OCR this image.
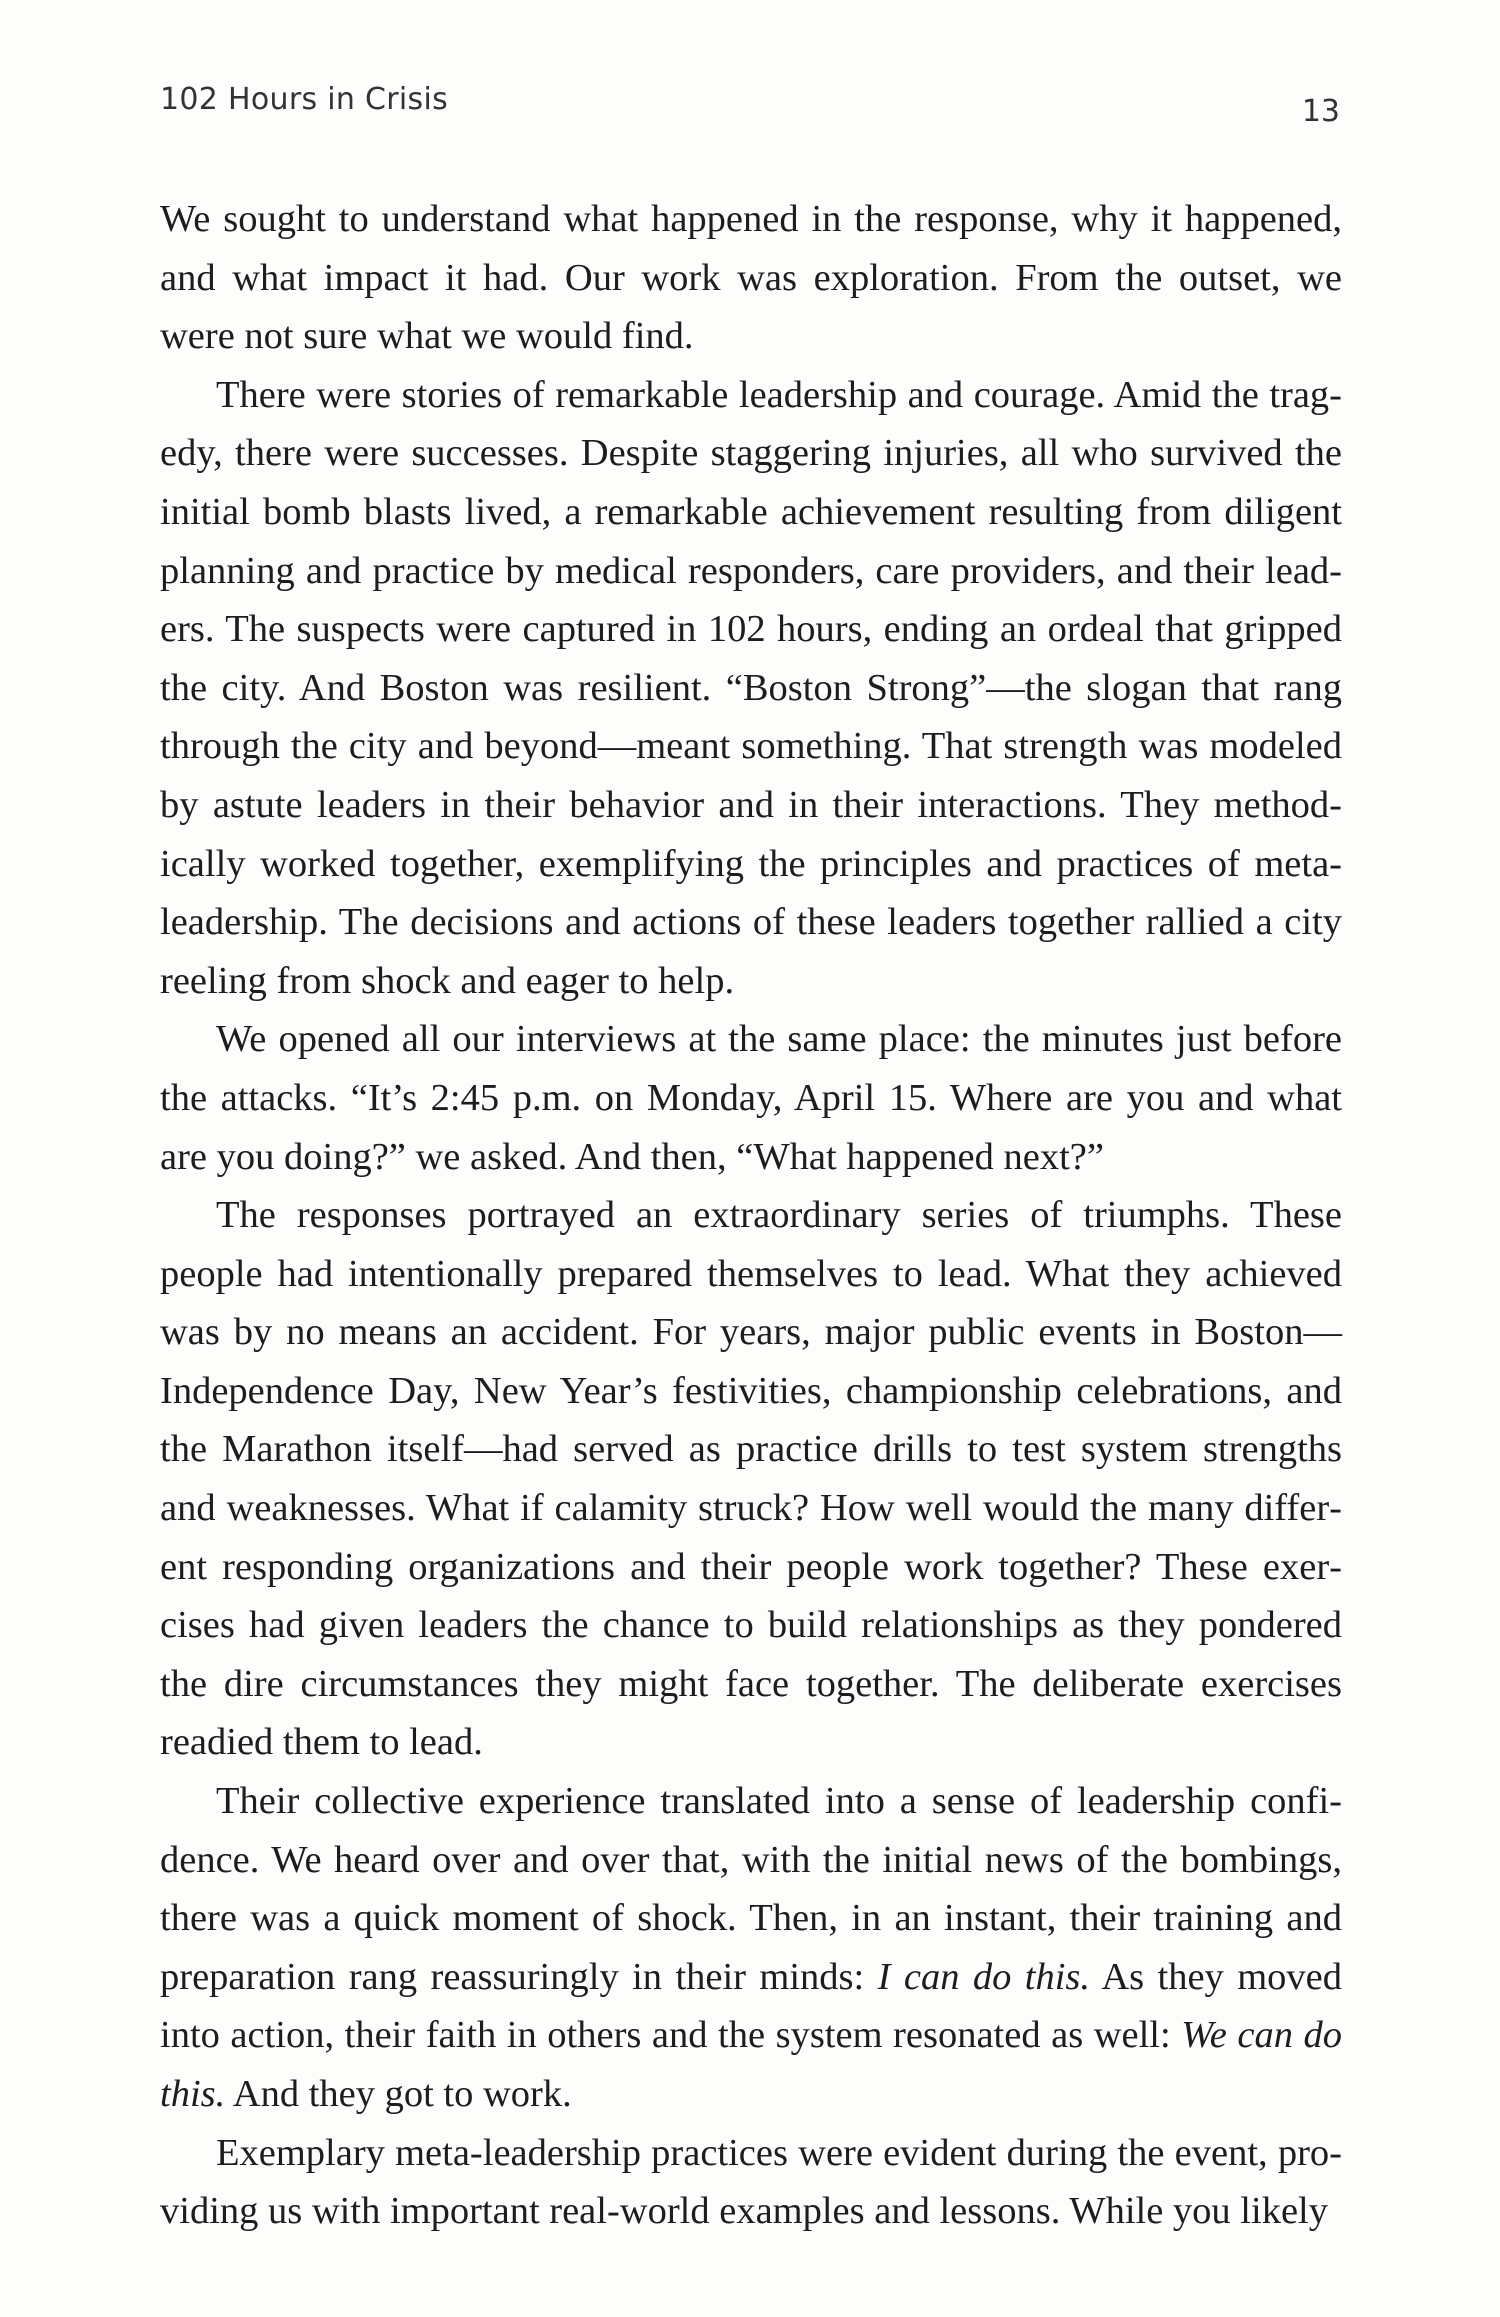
102 Hours in Crisis	13

We sought to understand what happened in the response, why it happened, and what impact it had. Our work was exploration. From the outset, we were not sure what we would find.

There were stories of remarkable leadership and courage. Amid the tragedy, there were successes. Despite staggering injuries, all who survived the initial bomb blasts lived, a remarkable achievement resulting from diligent planning and practice by medical responders, care providers, and their leaders. The suspects were captured in 102 hours, ending an ordeal that gripped the city. And Boston was resilient. “Boston Strong”—the slogan that rang through the city and beyond—meant something. That strength was modeled by astute leaders in their behavior and in their interactions. They methodically worked together, exemplifying the principles and practices of meta-leadership. The decisions and actions of these leaders together rallied a city reeling from shock and eager to help.

We opened all our interviews at the same place: the minutes just before the attacks. “It’s 2:45 p.m. on Monday, April 15. Where are you and what are you doing?” we asked. And then, “What happened next?”

The responses portrayed an extraordinary series of triumphs. These people had intentionally prepared themselves to lead. What they achieved was by no means an accident. For years, major public events in Boston— Independence Day, New Year’s festivities, championship celebrations, and the Marathon itself—had served as practice drills to test system strengths and weaknesses. What if calamity struck? How well would the many different responding organizations and their people work together? These exercises had given leaders the chance to build relationships as they pondered the dire circumstances they might face together. The deliberate exercises readied them to lead.

Their collective experience translated into a sense of leadership confidence. We heard over and over that, with the initial news of the bombings, there was a quick moment of shock. Then, in an instant, their training and preparation rang reassuringly in their minds: I can do this. As they moved into action, their faith in others and the system resonated as well: We can do this. And they got to work.

Exemplary meta-leadership practices were evident during the event, providing us with important real-world examples and lessons. While you likely
